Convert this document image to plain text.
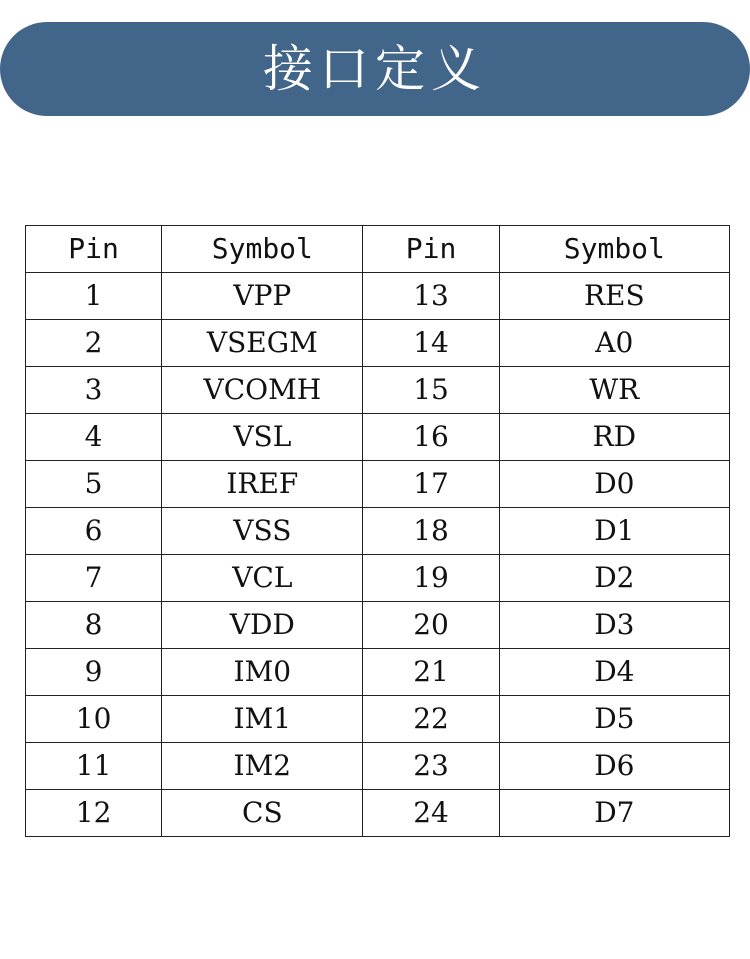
接口定义
Pin	Symbol	Pin	Symbol
1	VPP	13	RES
2	VSEGM	14	A0
3	VCOMH	15	WR
4	VSL	16	RD
5	IREF	17	D0
6	VSS	18	D1
7	VCL	19	D2
8	VDD	20	D3
9	IM0	21	D4
10	IM1	22	D5
11	IM2	23	D6
12	CS	24	D7
